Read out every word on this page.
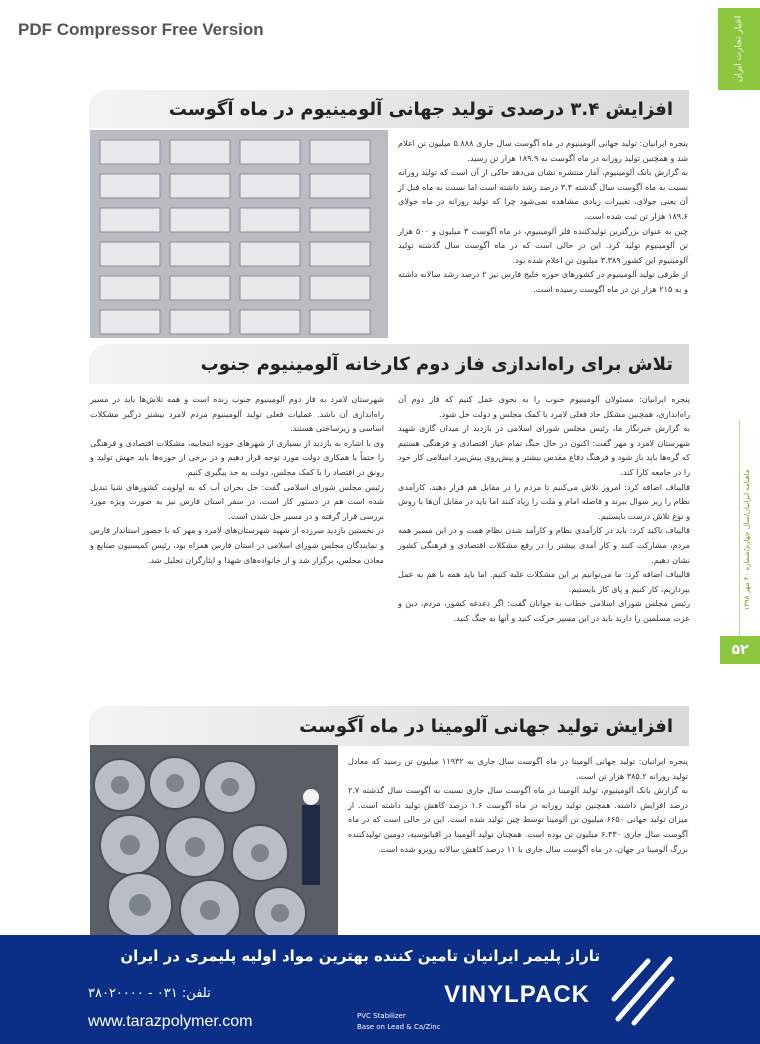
PDF Compressor Free Version	اخبار تجارت ایران
ماهنامه ایرانیان/سال چهارم/شماره ۴۰ مهر ۱۳۹۸
۵۲
افزایش ۳.۴ درصدی تولید جهانی آلومینیوم در ماه آگوست

پنجره ایرانیان: تولید جهانی آلومینیوم در ماه آگوست سال جاری ۵.۸۸۸ میلیون تن اعلام شد و همچنین تولید روزانه در ماه آگوست به ۱۸۹.۹ هزار تن رسید.

به گزارش بانک آلومینیوم، آمار منتشره نشان می‌دهد حاکی از آن است که تولید روزانه نسبت به ماه آگوست سال گذشته ۳.۴ درصد رشد داشته است اما نسبت به ماه قبل از آن یعنی جولای، تغییرات زیادی مشاهده نمی‌شود چرا که تولید روزانه در ماه جولای ۱۸۹.۶ هزار تن ثبت شده است.

چین به عنوان بزرگترین تولیدکننده فلز آلومینیوم، در ماه آگوست ۳ میلیون و ۵۰۰ هزار تن آلومینیوم تولید کرد. این در حالی است که در ماه آگوست سال گذشته تولید آلومینیوم این کشور ۳.۳۸۹ میلیون تن اعلام شده بود.

از طرفی تولید آلومینیوم در کشورهای حوزه خلیج فارس نیز ۲ درصد رشد سالانه داشته و به ۲۱۵ هزار تن در ماه آگوست رسیده است.

تلاش برای راه‌اندازی فاز دوم کارخانه آلومینیوم جنوب

پنجره ایرانیان: مسئولان آلومینیوم جنوب را به نحوی عمل کنیم که فاز دوم آن راه‌اندازی، همچنین مشکل حاد فعلی لامرد با کمک مجلس و دولت حل شود.

به گزارش خبرنگار ما، رئیس مجلس شورای اسلامی در بازدید از میدان گازی شهید شهرستان لامرد و مهر گفت: اکنون در حال جنگ تمام عیار اقتصادی و فرهنگی هستیم که گره‌ها باید باز شود و فرهنگ دفاع مقدس بیشتر و پیش‌روی پیش‌ببرد اسلامی کار خود را در جامعه کارا کند.

قالیباف اضافه کرد: امروز تلاش می‌کنیم تا مردم را در مقابل هم قرار دهند، کارآمدی نظام را زیر سوال ببرند و فاصله امام و ملت را زیاد کنند اما باید در مقابل آن‌ها با روش و نوع تلاش درست بایستیم.

قالیباف تاکید کرد: باید در کارآمدی نظام و کارآمد شدن نظام همت و در این مسیر همه مردم، مشارکت کنند و کار آمدی بیشتر را در رفع مشکلات اقتصادی و فرهنگی کشور نشان دهیم.

قالیباف اضافه کرد: ما می‌توانیم بر این مشکلات غلبه کنیم. اما باید همه با هم به عمل بپردازیم، کار کنیم و پای کار بایستیم.

رئیس مجلس شورای اسلامی خطاب به جوانان گفت: اگر دغدغه کشور، مردم، دین و عزت مسلمین را دارید باید در این مسیر حرکت کنید و آنها به جنگ کنید.

شهرستان لامرد به فاز دوم آلومینیوم جنوب زنده است و همه تلاش‌ها باید در مسیر راه‌اندازی آن باشد. عملیات فعلی تولید آلومینیوم مردم لامرد بیشتر درگیر مشکلات اساسی و زیرساختی هستند.

وی با اشاره به بازدید از بسیاری از شهرهای حوزه انتخابیه، مشکلات اقتصادی و فرهنگی را حتماً با همکاری دولت مورد توجه قرار دهیم و در برخی از حوزه‌ها باید جهش تولید و رونق در اقتصاد را با کمک مجلس، دولت به جد پیگیری کنیم.

رئیس مجلس شورای اسلامی گفت: حل بحران آب که به اولویت کشورهای شیا تبدیل شده است هم در دستور کار است، در سفر استان فارس نیز به صورت ویژه مورد بررسی قرار گرفته و در مسیر حل شدن است.

در نخستین بازدید سرزده از شهید شهرستان‌های لامرد و مهر که با حضور استاندار فارس و نمایندگان مجلس شورای اسلامی در استان فارس همراه بود، رئیس کمیسیون صنایع و معادن مجلس، برگزار شد و از خانواده‌های شهدا و ایثارگران تجلیل شد.

افزایش تولید جهانی آلومینا در ماه آگوست

پنجره ایرانیان: تولید جهانی آلومینا در ماه آگوست سال جاری به ۱۱۹۳۲ میلیون تن رسید که معادل تولید روزانه ۳۸۵.۲ هزار تن است.

به گزارش بانک آلومینیوم، تولید آلومینا در ماه آگوست سال جاری نسبت به آگوست سال گذشته ۲.۷ درصد افزایش داشته. همچنین تولید روزانه در ماه آگوست ۱.۶ درصد کاهش تولید داشته است. از میزان تولید جهانی ۶۶۵۰ میلیون تن آلومینا توسط چین تولید شده است. این در حالی است که در ماه آگوست سال جاری ۶.۴۳۰ میلیون تن بوده است. همچنان تولید آلومینا در اقیانوسیه، دومین تولیدکننده بزرگ آلومینا در جهان، در ماه آگوست سال جاری با ۱۱ درصد کاهش سالانه روبرو شده است.

تاراز پلیمر ایرانیان تامین کننده بهترین مواد اولیه پلیمری در ایران
VINYLPACK
PVC Stabilizer
Base on Lead & Ca/Zinc
تلفن: ۰۳۱ - ۳۸۰۲۰۰۰۰
www.tarazpolymer.com
